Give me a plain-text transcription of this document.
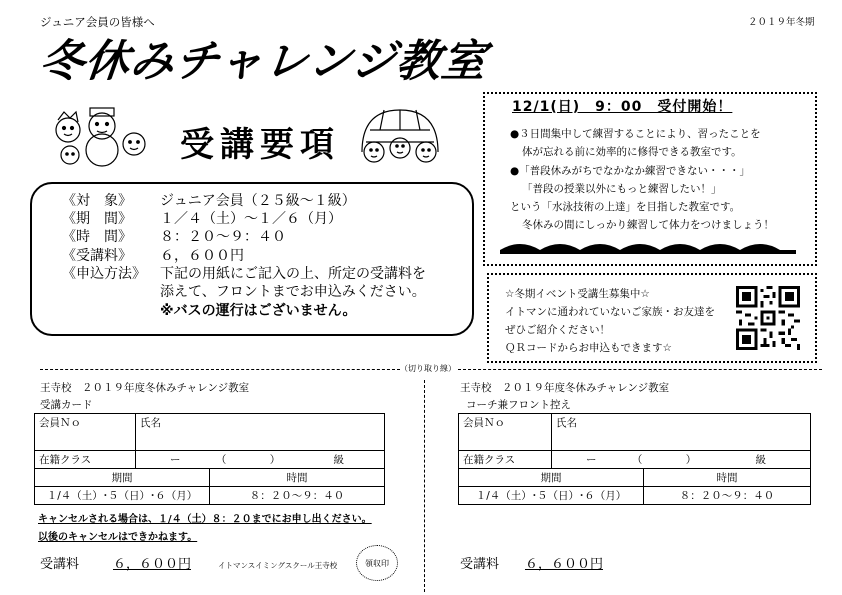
ジュニア会員の皆様へ	２０１９年冬期
冬休みチャレンジ教室
受講要項
12/1(日)　9：00　受付開始！
●３日間集中して練習することにより、習ったことを
体が忘れる前に効率的に修得できる教室です。
●「普段休みがちでなかなか練習できない・・・」
「普段の授業以外にもっと練習したい！」
という「水泳技術の上達」を目指した教室です。
冬休みの間にしっかり練習して体力をつけましょう！
《対　象》 ジュニア会員（２５級～１級）
《期　間》 １／４（土）～１／６（月）
《時　間》 ８：２０～９：４０
《受講料》 ６，６００円
《申込方法》 下記の用紙にご記入の上、所定の受講料を
添えて、フロントまでお申込みください。
※バスの運行はございません。
☆冬期イベント受講生募集中☆
イトマンに通われていないご家族・お友達を
ぜひご紹介ください！
ＱＲコードからお申込もできます☆
（切り取り線）
王寺校　２０１９年度冬休みチャレンジ教室
受講カード
会員Ｎｏ	氏名
在籍クラス	ー	（	）	級
期間	時間
１/４（土）･５（日）･６（月）	８：２０～９：４０
キャンセルされる場合は、１/４（土）８：２０までにお申し出ください。
以後のキャンセルはできかねます。
受講料	６，６００円	イトマンスイミングスクール王寺校	領収印
王寺校　２０１９年度冬休みチャレンジ教室
コーチ兼フロント控え
会員Ｎｏ	氏名
在籍クラス	ー	（	）	級
期間	時間
１/４（土）･５（日）･６（月）	８：２０～９：４０
受講料	６，６００円
